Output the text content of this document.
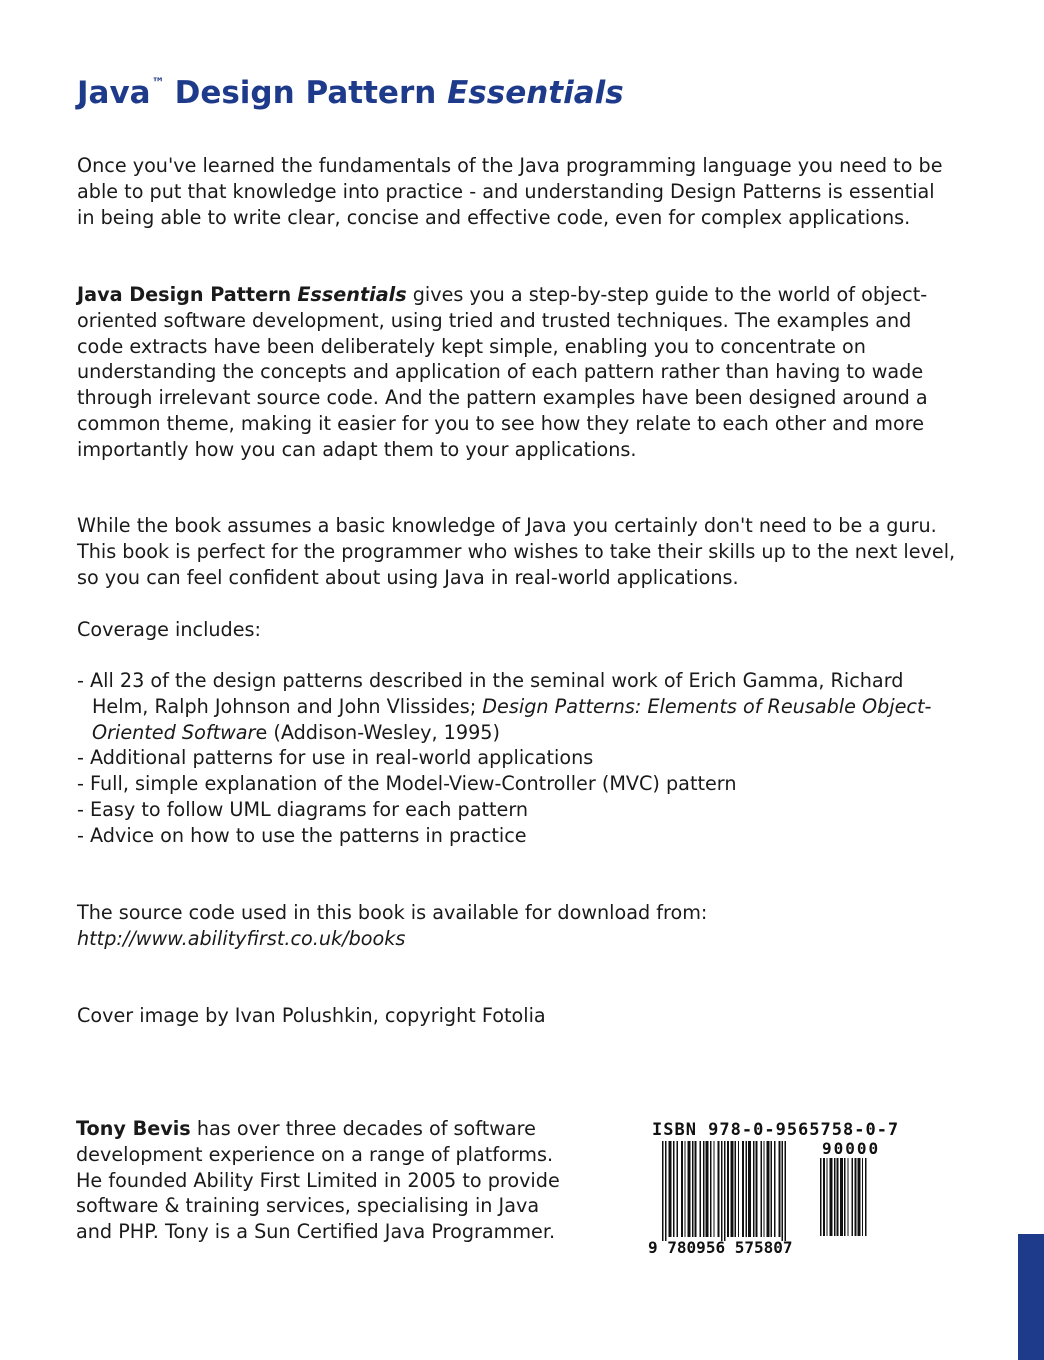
Java™ Design Pattern Essentials

Once you've learned the fundamentals of the Java programming language you need to be able to put that knowledge into practice - and understanding Design Patterns is essential in being able to write clear, concise and effective code, even for complex applications.

Java Design Pattern Essentials gives you a step-by-step guide to the world of object-oriented software development, using tried and trusted techniques. The examples and code extracts have been deliberately kept simple, enabling you to concentrate on understanding the concepts and application of each pattern rather than having to wade through irrelevant source code. And the pattern examples have been designed around a common theme, making it easier for you to see how they relate to each other and more importantly how you can adapt them to your applications.

While the book assumes a basic knowledge of Java you certainly don't need to be a guru. This book is perfect for the programmer who wishes to take their skills up to the next level, so you can feel confident about using Java in real-world applications.

Coverage includes:

- All 23 of the design patterns described in the seminal work of Erich Gamma, Richard Helm, Ralph Johnson and John Vlissides; Design Patterns: Elements of Reusable Object-Oriented Software (Addison-Wesley, 1995)

- Additional patterns for use in real-world applications

- Full, simple explanation of the Model-View-Controller (MVC) pattern

- Easy to follow UML diagrams for each pattern

- Advice on how to use the patterns in practice

The source code used in this book is available for download from:

http://www.abilityfirst.co.uk/books

Cover image by Ivan Polushkin, copyright Fotolia

Tony Bevis has over three decades of software development experience on a range of platforms. He founded Ability First Limited in 2005 to provide software & training services, specialising in Java and PHP. Tony is a Sun Certified Java Programmer.

ISBN 978-0-9565758-0-7

90000

9 780956 575807
